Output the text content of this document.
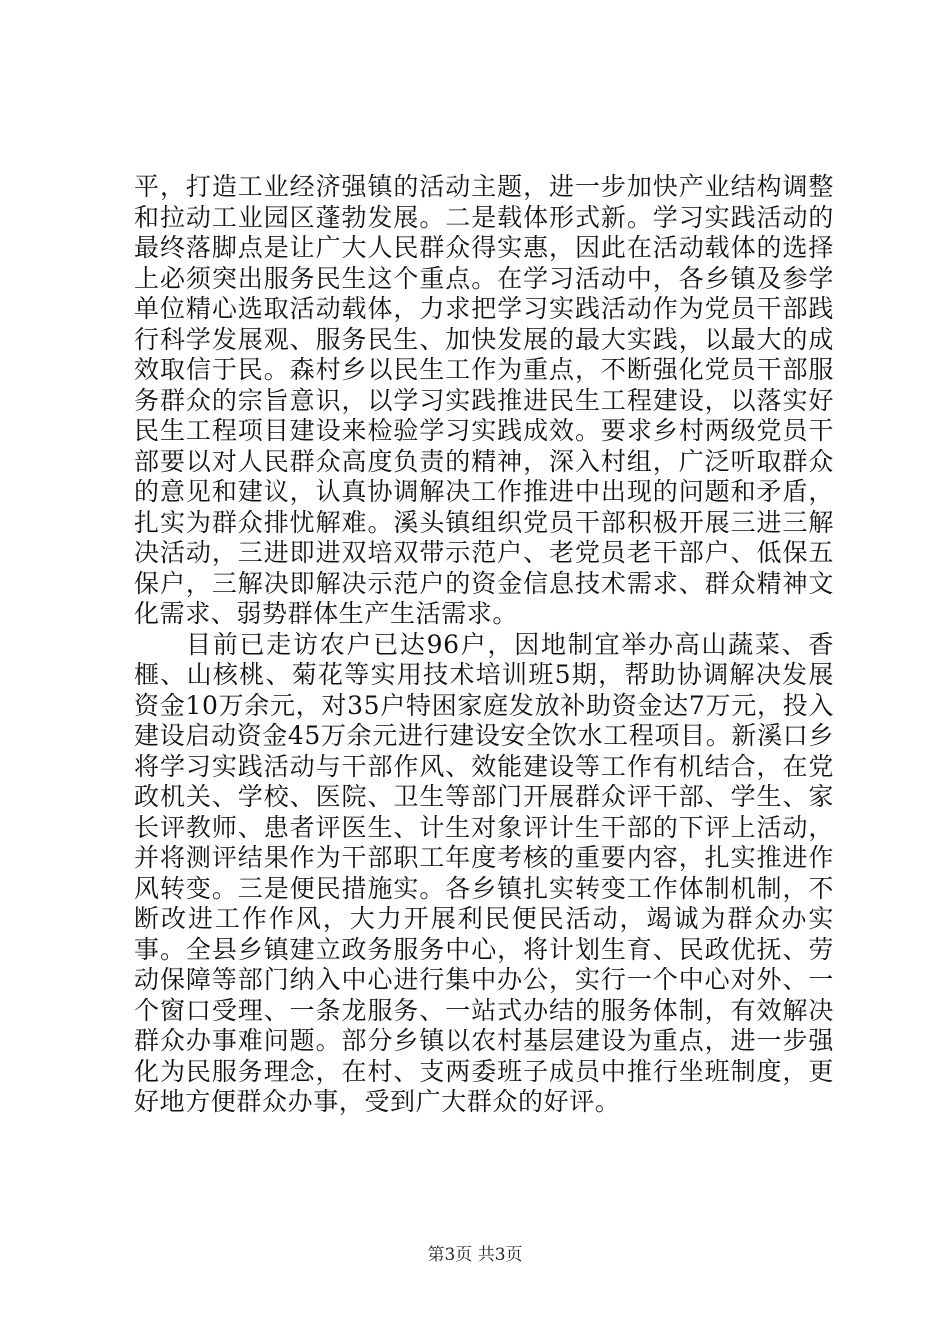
平，打造工业经济强镇的活动主题，进一步加快产业结构调整和拉动工业园区蓬勃发展。二是载体形式新。学习实践活动的最终落脚点是让广大人民群众得实惠，因此在活动载体的选择上必须突出服务民生这个重点。在学习活动中，各乡镇及参学单位精心选取活动载体，力求把学习实践活动作为党员干部践行科学发展观、服务民生、加快发展的最大实践，以最大的成效取信于民。森村乡以民生工作为重点，不断强化党员干部服务群众的宗旨意识，以学习实践推进民生工程建设，以落实好民生工程项目建设来检验学习实践成效。要求乡村两级党员干部要以对人民群众高度负责的精神，深入村组，广泛听取群众的意见和建议，认真协调解决工作推进中出现的问题和矛盾，扎实为群众排忧解难。溪头镇组织党员干部积极开展三进三解决活动，三进即进双培双带示范户、老党员老干部户、低保五保户，三解决即解决示范户的资金信息技术需求、群众精神文化需求、弱势群体生产生活需求。

目前已走访农户已达96户，因地制宜举办高山蔬菜、香榧、山核桃、菊花等实用技术培训班5期，帮助协调解决发展资金10万余元，对35户特困家庭发放补助资金达7万元，投入建设启动资金45万余元进行建设安全饮水工程项目。新溪口乡将学习实践活动与干部作风、效能建设等工作有机结合，在党政机关、学校、医院、卫生等部门开展群众评干部、学生、家长评教师、患者评医生、计生对象评计生干部的下评上活动，并将测评结果作为干部职工年度考核的重要内容，扎实推进作风转变。三是便民措施实。各乡镇扎实转变工作体制机制，不断改进工作作风，大力开展利民便民活动，竭诚为群众办实事。全县乡镇建立政务服务中心，将计划生育、民政优抚、劳动保障等部门纳入中心进行集中办公，实行一个中心对外、一个窗口受理、一条龙服务、一站式办结的服务体制，有效解决群众办事难问题。部分乡镇以农村基层建设为重点，进一步强化为民服务理念，在村、支两委班子成员中推行坐班制度，更好地方便群众办事，受到广大群众的好评。

第3页 共3页
